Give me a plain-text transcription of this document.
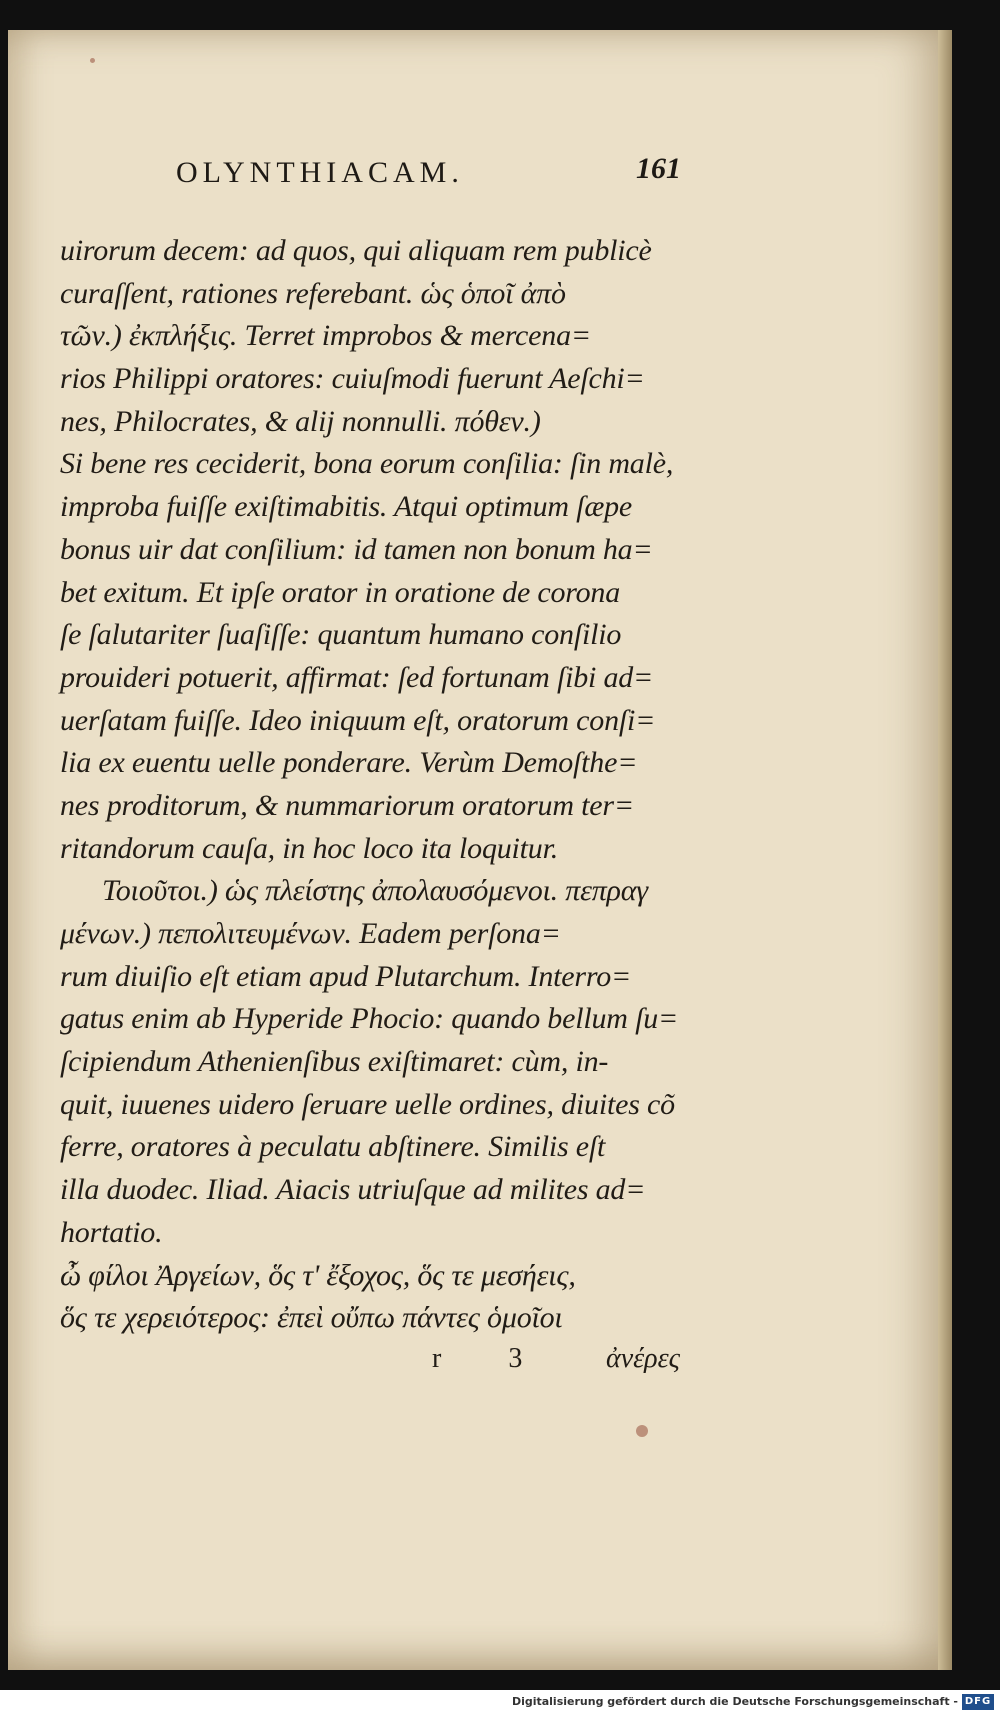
OLYNTHIACAM.	161
uirorum decem: ad quos, qui aliquam rem publicè
curaſſent, rationes referebant. ὡς ὁποῖ ἀπὸ
τῶν.) ἐκπλήξις. Terret improbos & mercena=
rios Philippi oratores: cuiuſmodi fuerunt Aeſchi=
nes, Philocrates, & alij nonnulli. πόθεν.)
Si bene res ceciderit, bona eorum conſilia: ſin malè,
improba fuiſſe exiſtimabitis. Atqui optimum ſæpe
bonus uir dat conſilium: id tamen non bonum ha=
bet exitum. Et ipſe orator in oratione de corona
ſe ſalutariter ſuaſiſſe: quantum humano conſilio
prouideri potuerit, affirmat: ſed fortunam ſibi ad=
uerſatam fuiſſe. Ideo iniquum eſt, oratorum conſi=
lia ex euentu uelle ponderare. Verùm Demoſthe=
nes proditorum, & nummariorum oratorum ter=
ritandorum cauſa, in hoc loco ita loquitur.
Τοιοῦτοι.) ὡς πλείστης ἀπολαυσόμενοι. πεπραγ
μένων.) πεπολιτευμένων. Eadem perſona=
rum diuiſio eſt etiam apud Plutarchum. Interro=
gatus enim ab Hyperide Phocio: quando bellum ſu=
ſcipiendum Athenienſibus exiſtimaret: cùm, in-
quit, iuuenes uidero ſeruare uelle ordines, diuites cõ
ferre, oratores à peculatu abſtinere. Similis eſt
illa duodec. Iliad. Aiacis utriuſque ad milites ad=
hortatio.
ὦ φίλοι Ἀργείων, ὅς τ' ἔξοχος, ὅς τε μεσήεις,
ὅς τε χερειότερος: ἐπεὶ οὔπω πάντες ὁμοῖοι
r 3 ἀνέρες
Digitalisierung gefördert durch die Deutsche Forschungsgemeinschaft - DFG
